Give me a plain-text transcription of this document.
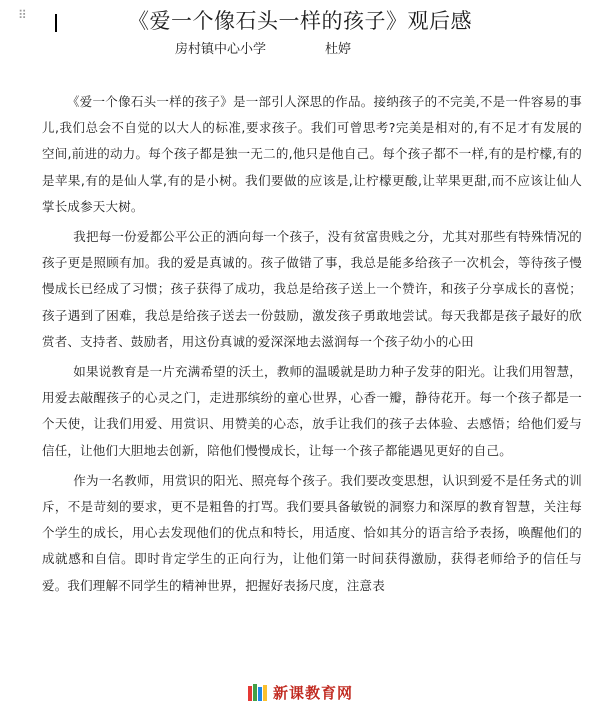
⠿	《爱一个像石头一样的孩子》观后感
房村镇中心小学	杜婷

《爱一个像石头一样的孩子》是一部引人深思的作品。接纳孩子的不完美,不是一件容易的事儿,我们总会不自觉的以大人的标准,要求孩子。我们可曾思考?完美是相对的,有不足才有发展的空间,前进的动力。每个孩子都是独一无二的,他只是他自己。每个孩子都不一样,有的是柠檬,有的是苹果,有的是仙人掌,有的是小树。我们要做的应该是,让柠檬更酸,让苹果更甜,而不应该让仙人掌长成参天大树。

我把每一份爱都公平公正的洒向每一个孩子，没有贫富贵贱之分，尤其对那些有特殊情况的孩子更是照顾有加。我的爱是真诚的。孩子做错了事，我总是能多给孩子一次机会，等待孩子慢慢成长已经成了习惯；孩子获得了成功，我总是给孩子送上一个赞许，和孩子分享成长的喜悦；孩子遇到了困难，我总是给孩子送去一份鼓励，激发孩子勇敢地尝试。每天我都是孩子最好的欣赏者、支持者、鼓励者，用这份真诚的爱深深地去滋润每一个孩子幼小的心田

如果说教育是一片充满希望的沃土，教师的温暖就是助力种子发芽的阳光。让我们用智慧，用爱去敲醒孩子的心灵之门，走进那缤纷的童心世界，心香一瓣，静待花开。每一个孩子都是一个天使，让我们用爱、用赏识、用赞美的心态，放手让我们的孩子去体验、去感悟；给他们爱与信任，让他们大胆地去创新，陪他们慢慢成长，让每一个孩子都能遇见更好的自己。

作为一名教师，用赏识的阳光、照亮每个孩子。我们要改变思想，认识到爱不是任务式的训斥，不是苛刻的要求，更不是粗鲁的打骂。我们要具备敏锐的洞察力和深厚的教育智慧，关注每个学生的成长，用心去发现他们的优点和特长，用适度、恰如其分的语言给予表扬，唤醒他们的成就感和自信。即时肯定学生的正向行为，让他们第一时间获得激励，获得老师给予的信任与爱。我们理解不同学生的精神世界，把握好表扬尺度，注意表

新课教育网
